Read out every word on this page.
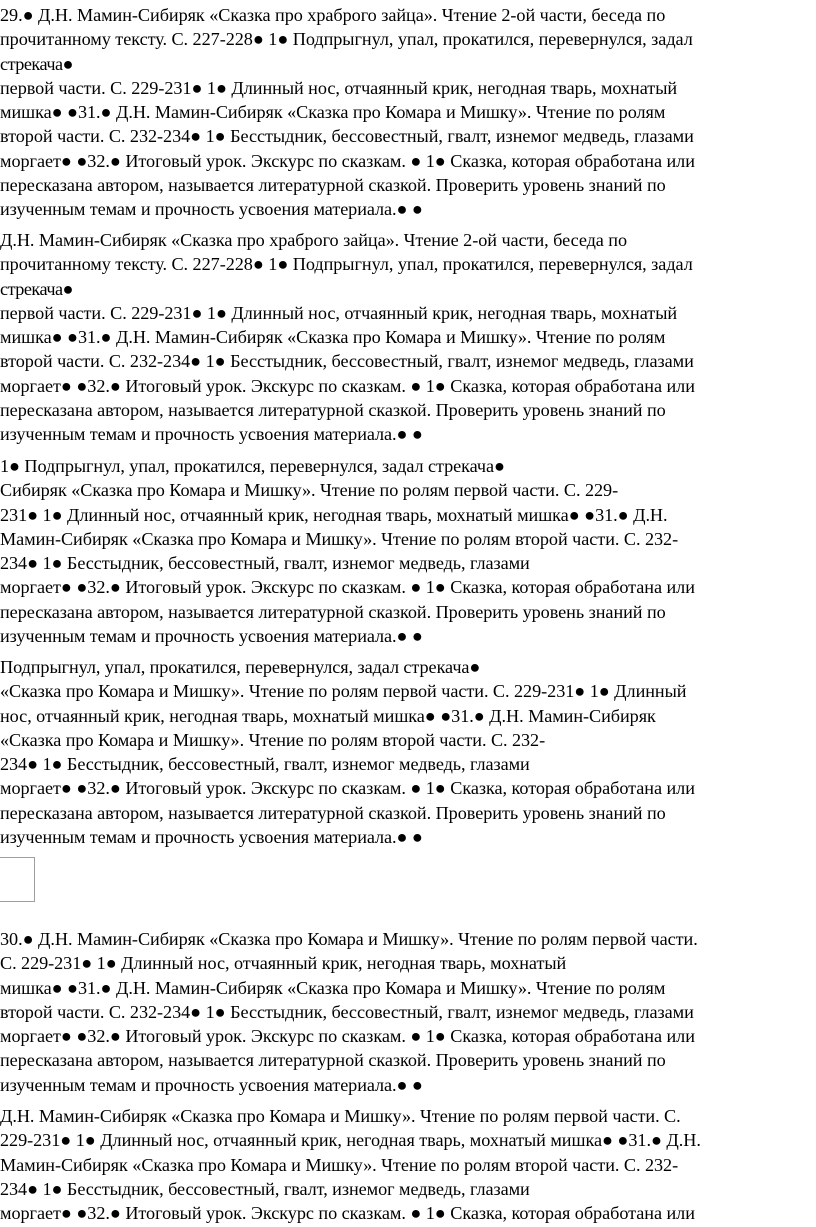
29.● Д.Н. Мамин-Сибиряк «Сказка про храброго зайца». Чтение 2-ой части, беседа по
прочитанному тексту. С. 227-228● 1● Подпрыгнул, упал, прокатился, перевернулся, задал
стрекача●
первой части. С. 229-231● 1● Длинный нос, отчаянный крик, негодная тварь, мохнатый
мишка● ●31.● Д.Н. Мамин-Сибиряк «Сказка про Комара и Мишку». Чтение по ролям
второй части. С. 232-234● 1● Бесстыдник, бессовестный, гвалт, изнемог медведь, глазами
моргает● ●32.● Итоговый урок. Экскурс по сказкам. ● 1● Сказка, которая обработана или
пересказана автором, называется литературной сказкой. Проверить уровень знаний по
изученным темам и прочность усвоения материала.● ●
Д.Н. Мамин-Сибиряк «Сказка про храброго зайца». Чтение 2-ой части, беседа по
прочитанному тексту. С. 227-228● 1● Подпрыгнул, упал, прокатился, перевернулся, задал
стрекача●
первой части. С. 229-231● 1● Длинный нос, отчаянный крик, негодная тварь, мохнатый
мишка● ●31.● Д.Н. Мамин-Сибиряк «Сказка про Комара и Мишку». Чтение по ролям
второй части. С. 232-234● 1● Бесстыдник, бессовестный, гвалт, изнемог медведь, глазами
моргает● ●32.● Итоговый урок. Экскурс по сказкам. ● 1● Сказка, которая обработана или
пересказана автором, называется литературной сказкой. Проверить уровень знаний по
изученным темам и прочность усвоения материала.● ●
1● Подпрыгнул, упал, прокатился, перевернулся, задал стрекача●
Сибиряк «Сказка про Комара и Мишку». Чтение по ролям первой части. С. 229-
231● 1● Длинный нос, отчаянный крик, негодная тварь, мохнатый мишка● ●31.● Д.Н.
Мамин-Сибиряк «Сказка про Комара и Мишку». Чтение по ролям второй части. С. 232-
234● 1● Бесстыдник, бессовестный, гвалт, изнемог медведь, глазами
моргает● ●32.● Итоговый урок. Экскурс по сказкам. ● 1● Сказка, которая обработана или
пересказана автором, называется литературной сказкой. Проверить уровень знаний по
изученным темам и прочность усвоения материала.● ●
Подпрыгнул, упал, прокатился, перевернулся, задал стрекача●
«Сказка про Комара и Мишку». Чтение по ролям первой части. С. 229-231● 1● Длинный
нос, отчаянный крик, негодная тварь, мохнатый мишка● ●31.● Д.Н. Мамин-Сибиряк
«Сказка про Комара и Мишку». Чтение по ролям второй части. С. 232-
234● 1● Бесстыдник, бессовестный, гвалт, изнемог медведь, глазами
моргает● ●32.● Итоговый урок. Экскурс по сказкам. ● 1● Сказка, которая обработана или
пересказана автором, называется литературной сказкой. Проверить уровень знаний по
изученным темам и прочность усвоения материала.● ●
30.● Д.Н. Мамин-Сибиряк «Сказка про Комара и Мишку». Чтение по ролям первой части.
С. 229-231● 1● Длинный нос, отчаянный крик, негодная тварь, мохнатый
мишка● ●31.● Д.Н. Мамин-Сибиряк «Сказка про Комара и Мишку». Чтение по ролям
второй части. С. 232-234● 1● Бесстыдник, бессовестный, гвалт, изнемог медведь, глазами
моргает● ●32.● Итоговый урок. Экскурс по сказкам. ● 1● Сказка, которая обработана или
пересказана автором, называется литературной сказкой. Проверить уровень знаний по
изученным темам и прочность усвоения материала.● ●
Д.Н. Мамин-Сибиряк «Сказка про Комара и Мишку». Чтение по ролям первой части. С.
229-231● 1● Длинный нос, отчаянный крик, негодная тварь, мохнатый мишка● ●31.● Д.Н.
Мамин-Сибиряк «Сказка про Комара и Мишку». Чтение по ролям второй части. С. 232-
234● 1● Бесстыдник, бессовестный, гвалт, изнемог медведь, глазами
моргает● ●32.● Итоговый урок. Экскурс по сказкам. ● 1● Сказка, которая обработана или
